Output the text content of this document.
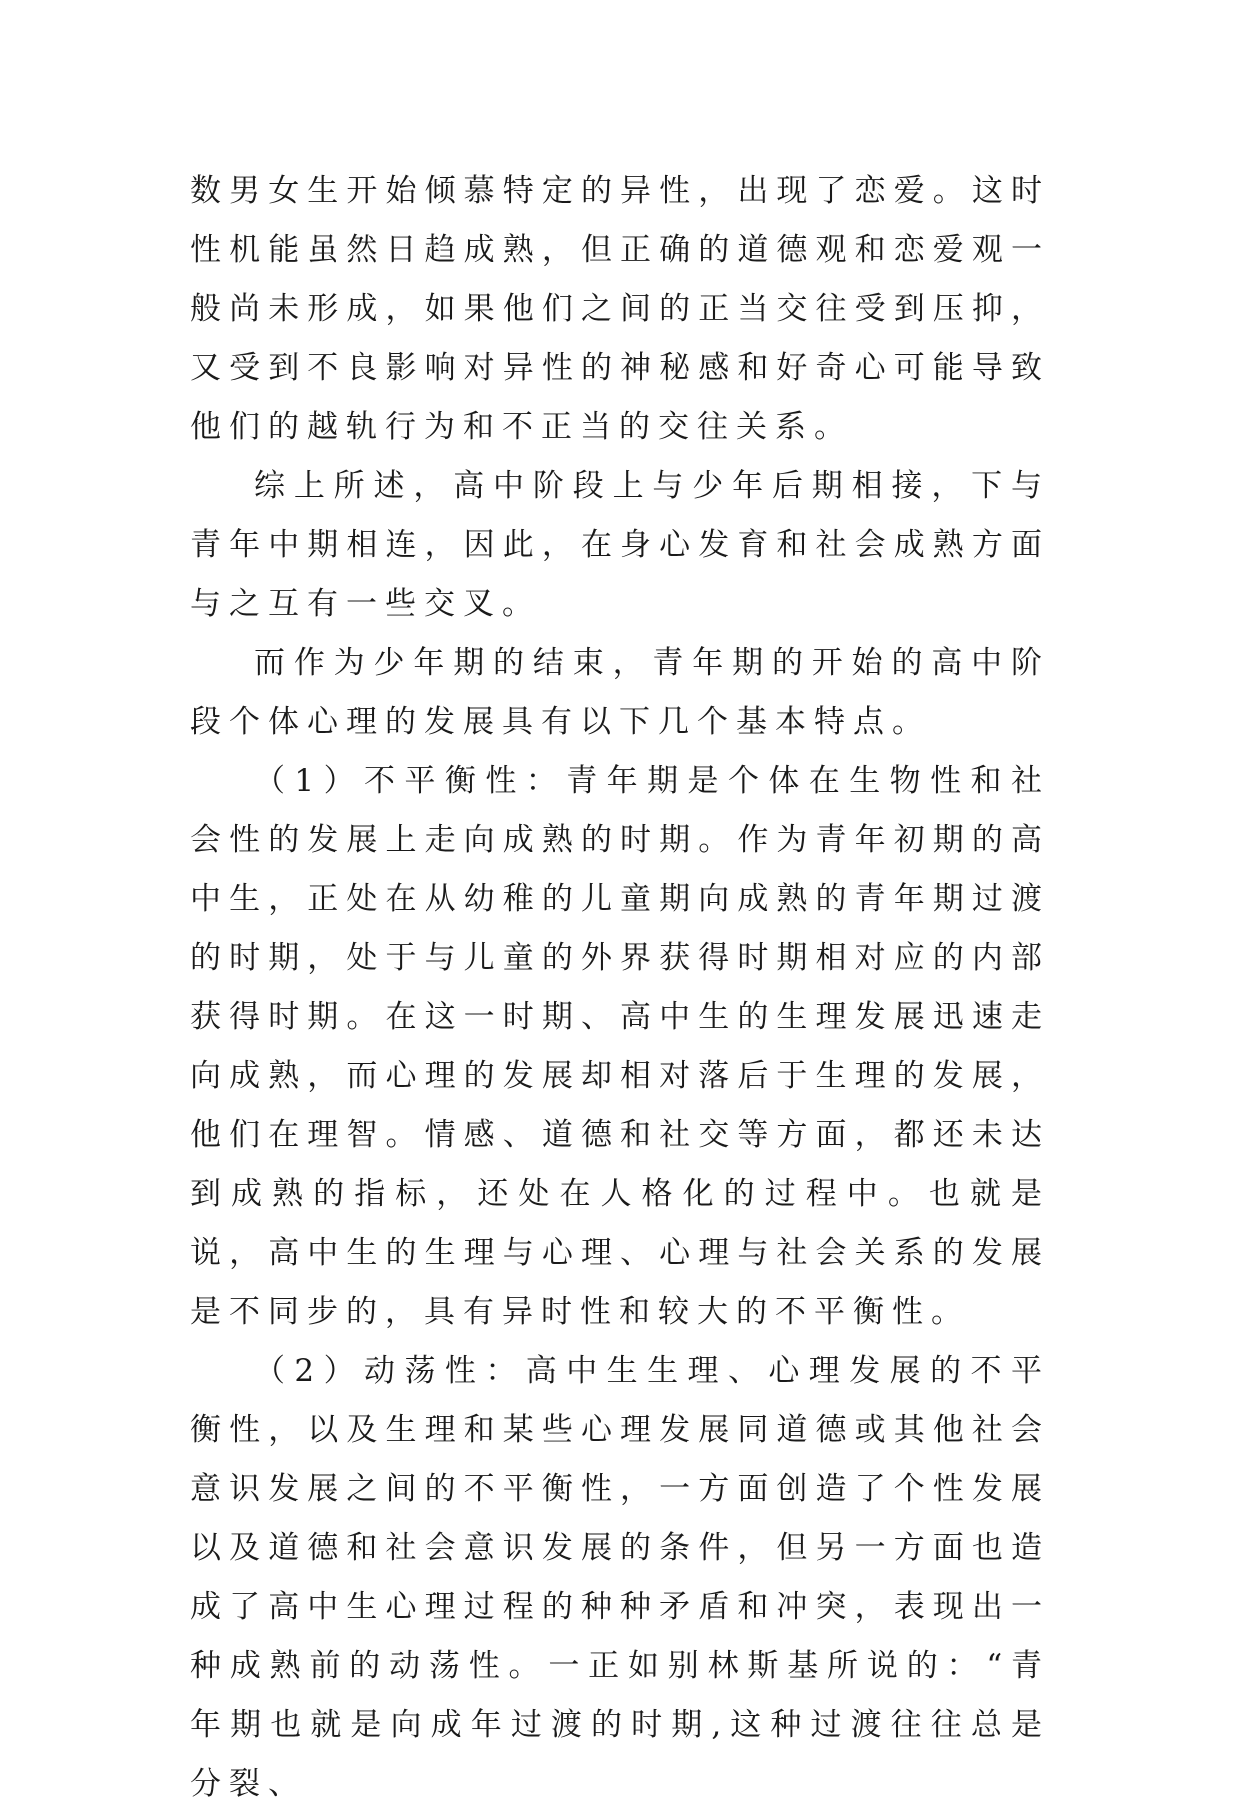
数男女生开始倾慕特定的异性，出现了恋爱。这时性机能虽然日趋成熟，但正确的道德观和恋爱观一般尚未形成，如果他们之间的正当交往受到压抑，又受到不良影响对异性的神秘感和好奇心可能导致他们的越轨行为和不正当的交往关系。

综上所述，高中阶段上与少年后期相接，下与青年中期相连，因此，在身心发育和社会成熟方面与之互有一些交叉。

而作为少年期的结束，青年期的开始的高中阶段个体心理的发展具有以下几个基本特点。

（1）不平衡性：青年期是个体在生物性和社会性的发展上走向成熟的时期。作为青年初期的高中生，正处在从幼稚的儿童期向成熟的青年期过渡的时期，处于与儿童的外界获得时期相对应的内部获得时期。在这一时期、高中生的生理发展迅速走向成熟，而心理的发展却相对落后于生理的发展，他们在理智。情感、道德和社交等方面，都还未达到成熟的指标，还处在人格化的过程中。也就是说，高中生的生理与心理、心理与社会关系的发展是不同步的，具有异时性和较大的不平衡性。

（2）动荡性：高中生生理、心理发展的不平衡性，以及生理和某些心理发展同道德或其他社会意识发展之间的不平衡性，一方面创造了个性发展以及道德和社会意识发展的条件，但另一方面也造成了高中生心理过程的种种矛盾和冲突，表现出一种成熟前的动荡性。一正如别林斯基所说的：“青年期也就是向成年过渡的时期,这种过渡往往总是分裂、
